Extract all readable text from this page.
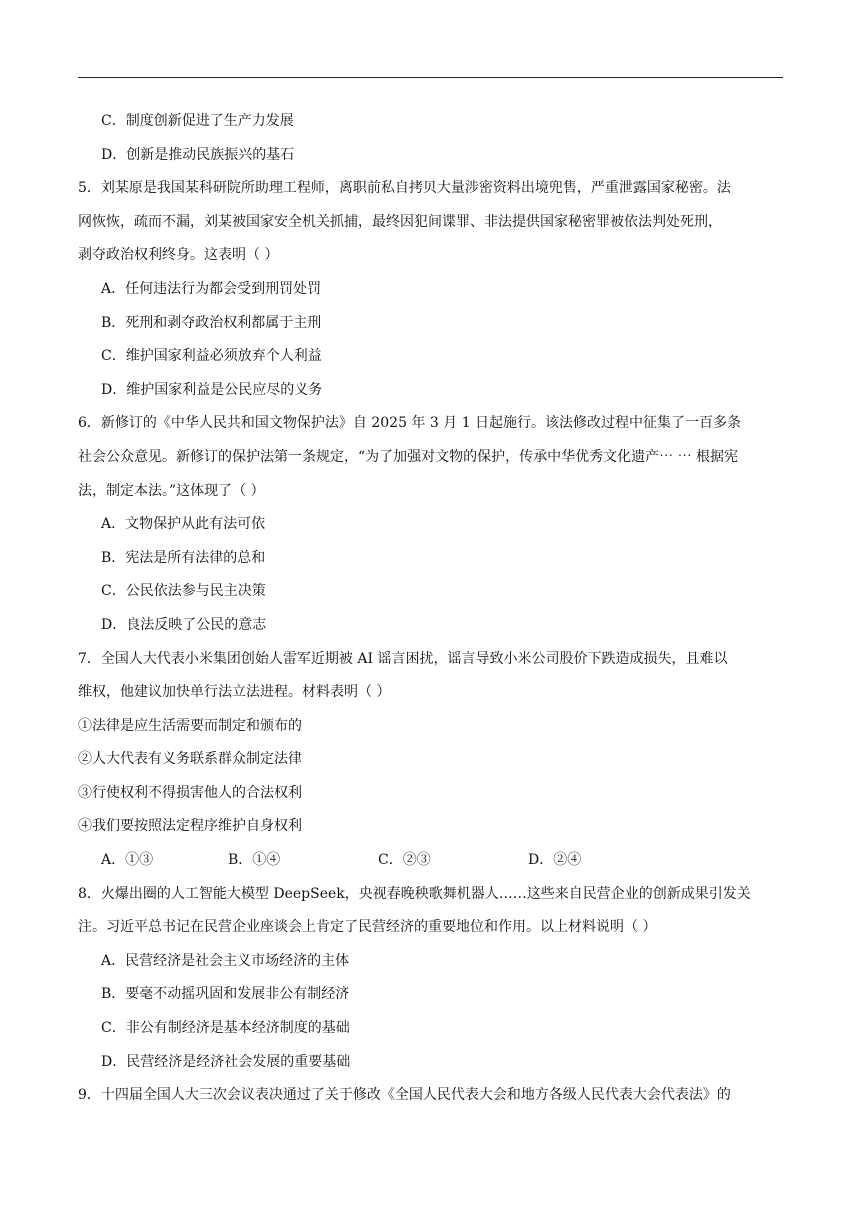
C．制度创新促进了生产力发展
D．创新是推动民族振兴的基石
5．刘某原是我国某科研院所助理工程师，离职前私自拷贝大量涉密资料出境兜售，严重泄露国家秘密。法
网恢恢，疏而不漏，刘某被国家安全机关抓捕，最终因犯间谍罪、非法提供国家秘密罪被依法判处死刑，
剥夺政治权利终身。这表明（ ）
A．任何违法行为都会受到刑罚处罚
B．死刑和剥夺政治权利都属于主刑
C．维护国家利益必须放弃个人利益
D．维护国家利益是公民应尽的义务
6．新修订的《中华人民共和国文物保护法》自 2025 年 3 月 1 日起施行。该法修改过程中征集了一百多条
社会公众意见。新修订的保护法第一条规定，“为了加强对文物的保护，传承中华优秀文化遗产⋯ ⋯ 根据宪
法，制定本法。”这体现了（ ）
A．文物保护从此有法可依
B．宪法是所有法律的总和
C．公民依法参与民主决策
D．良法反映了公民的意志
7．全国人大代表小米集团创始人雷军近期被 AI 谣言困扰，谣言导致小米公司股价下跌造成损失，且难以
维权，他建议加快单行法立法进程。材料表明（ ）
①法律是应生活需要而制定和颁布的
②人大代表有义务联系群众制定法律
③行使权利不得损害他人的合法权利
④我们要按照法定程序维护自身权利
A．①③	B．①④	C．②③	D．②④
8．火爆出圈的人工智能大模型 DeepSeek，央视春晚秧歌舞机器人……这些来自民营企业的创新成果引发关
注。习近平总书记在民营企业座谈会上肯定了民营经济的重要地位和作用。以上材料说明（ ）
A．民营经济是社会主义市场经济的主体
B．要毫不动摇巩固和发展非公有制经济
C．非公有制经济是基本经济制度的基础
D．民营经济是经济社会发展的重要基础
9．十四届全国人大三次会议表决通过了关于修改《全国人民代表大会和地方各级人民代表大会代表法》的
